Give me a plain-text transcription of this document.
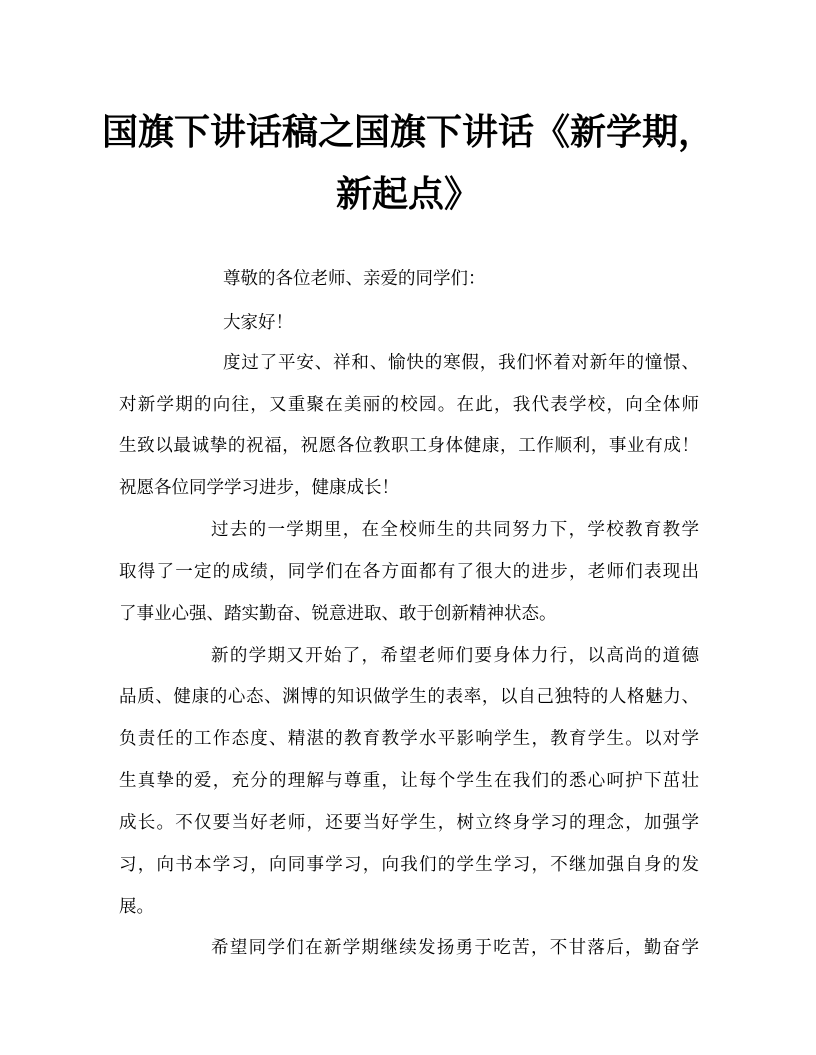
国旗下讲话稿之国旗下讲话《新学期，
新起点》
尊敬的各位老师、亲爱的同学们：
大家好！
度过了平安、祥和、愉快的寒假，我们怀着对新年的憧憬、
对新学期的向往，又重聚在美丽的校园。在此，我代表学校，向全体师
生致以最诚挚的祝福，祝愿各位教职工身体健康，工作顺利，事业有成！
祝愿各位同学学习进步，健康成长！
过去的一学期里，在全校师生的共同努力下，学校教育教学
取得了一定的成绩，同学们在各方面都有了很大的进步，老师们表现出
了事业心强、踏实勤奋、锐意进取、敢于创新精神状态。
新的学期又开始了，希望老师们要身体力行，以高尚的道德
品质、健康的心态、渊博的知识做学生的表率，以自己独特的人格魅力、
负责任的工作态度、精湛的教育教学水平影响学生，教育学生。以对学
生真挚的爱，充分的理解与尊重，让每个学生在我们的悉心呵护下茁壮
成长。不仅要当好老师，还要当好学生，树立终身学习的理念，加强学
习，向书本学习，向同事学习，向我们的学生学习，不继加强自身的发
展。
希望同学们在新学期继续发扬勇于吃苦，不甘落后，勤奋学
